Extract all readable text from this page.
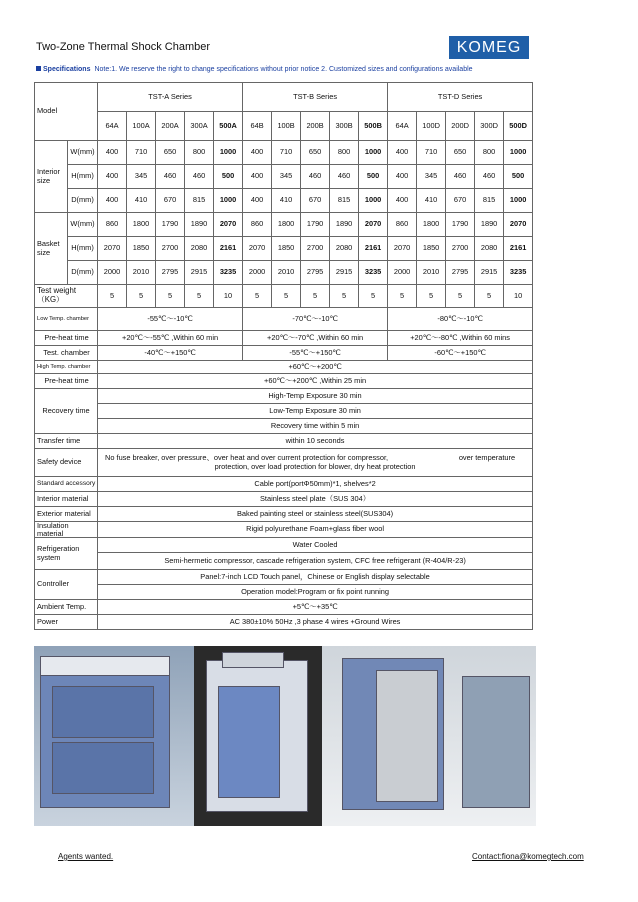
Two-Zone Thermal Shock Chamber	KOMEG
Specifications Note:1. We reserve the right to change specifications without prior notice 2. Customized sizes and configurations available
Model		TST-A Series					TST-B Series					TST-D Series				
		64A	100A	200A	300A	500A	64B	100B	200B	300B	500B	64A	100D	200D	300D	500D
Interior size	W(mm)	400	710	650	800	1000	400	710	650	800	1000	400	710	650	800	1000
	H(mm)	400	345	460	460	500	400	345	460	460	500	400	345	460	460	500
	D(mm)	400	410	670	815	1000	400	410	670	815	1000	400	410	670	815	1000
Basket size	W(mm)	860	1800	1790	1890	2070	860	1800	1790	1890	2070	860	1800	1790	1890	2070
	H(mm)	2070	1850	2700	2080	2161	2070	1850	2700	2080	2161	2070	1850	2700	2080	2161
	D(mm)	2000	2010	2795	2915	3235	2000	2010	2795	2915	3235	2000	2010	2795	2915	3235
Test weight（KG）		5	5	5	5	10	5	5	5	5	5	5	5	5	5	10
Low Temp. chamber		-55℃～-10℃					-70℃～-10℃					-80℃～-10℃				
Pre-heat time		+20℃～-55℃ ,Within 60 min					+20℃～-70℃ ,Within 60 min					+20℃～-80℃ ,Within 60 mins				
Test. chamber		-40℃～+150℃					-55℃～+150℃					-60℃～+150℃				
High Temp. chamber		+60℃～+200℃														
Pre-heat time		+60℃～+200℃ ,Within 25 min														
Recovery time		High-Temp Exposure 30 min														
		Low-Temp Exposure 30 min														
		Recovery time within 5 min														
Transfer time		within 10 seconds														
Safety device		No fuse breaker, over pressure、over heat and over current protection for compressor, over temperature
protection, over load protection for blower, dry heat protection														

Standard accessory		Cable port(portΦ50mm)*1, shelves*2														
Interior material		Stainless steel plate（SUS 304）														
Exterior material		Baked painting steel or stainless steel(SUS304)														
Insulation material		Rigid polyurethane Foam+glass fiber wool														
Refrigeration system		Water Cooled														
		Semi-hermetic compressor, cascade refrigeration system, CFC free refrigerant (R-404/R-23)														
Controller		Panel:7-inch LCD Touch panel，Chinese or English display selectable														
		Operation model:Program or fix point running														
Ambient Temp.		+5℃～+35℃														
Power		AC 380±10% 50Hz ,3 phase 4 wires +Ground Wires														
Agents wanted.	Contact:fiona@komegtech.com
